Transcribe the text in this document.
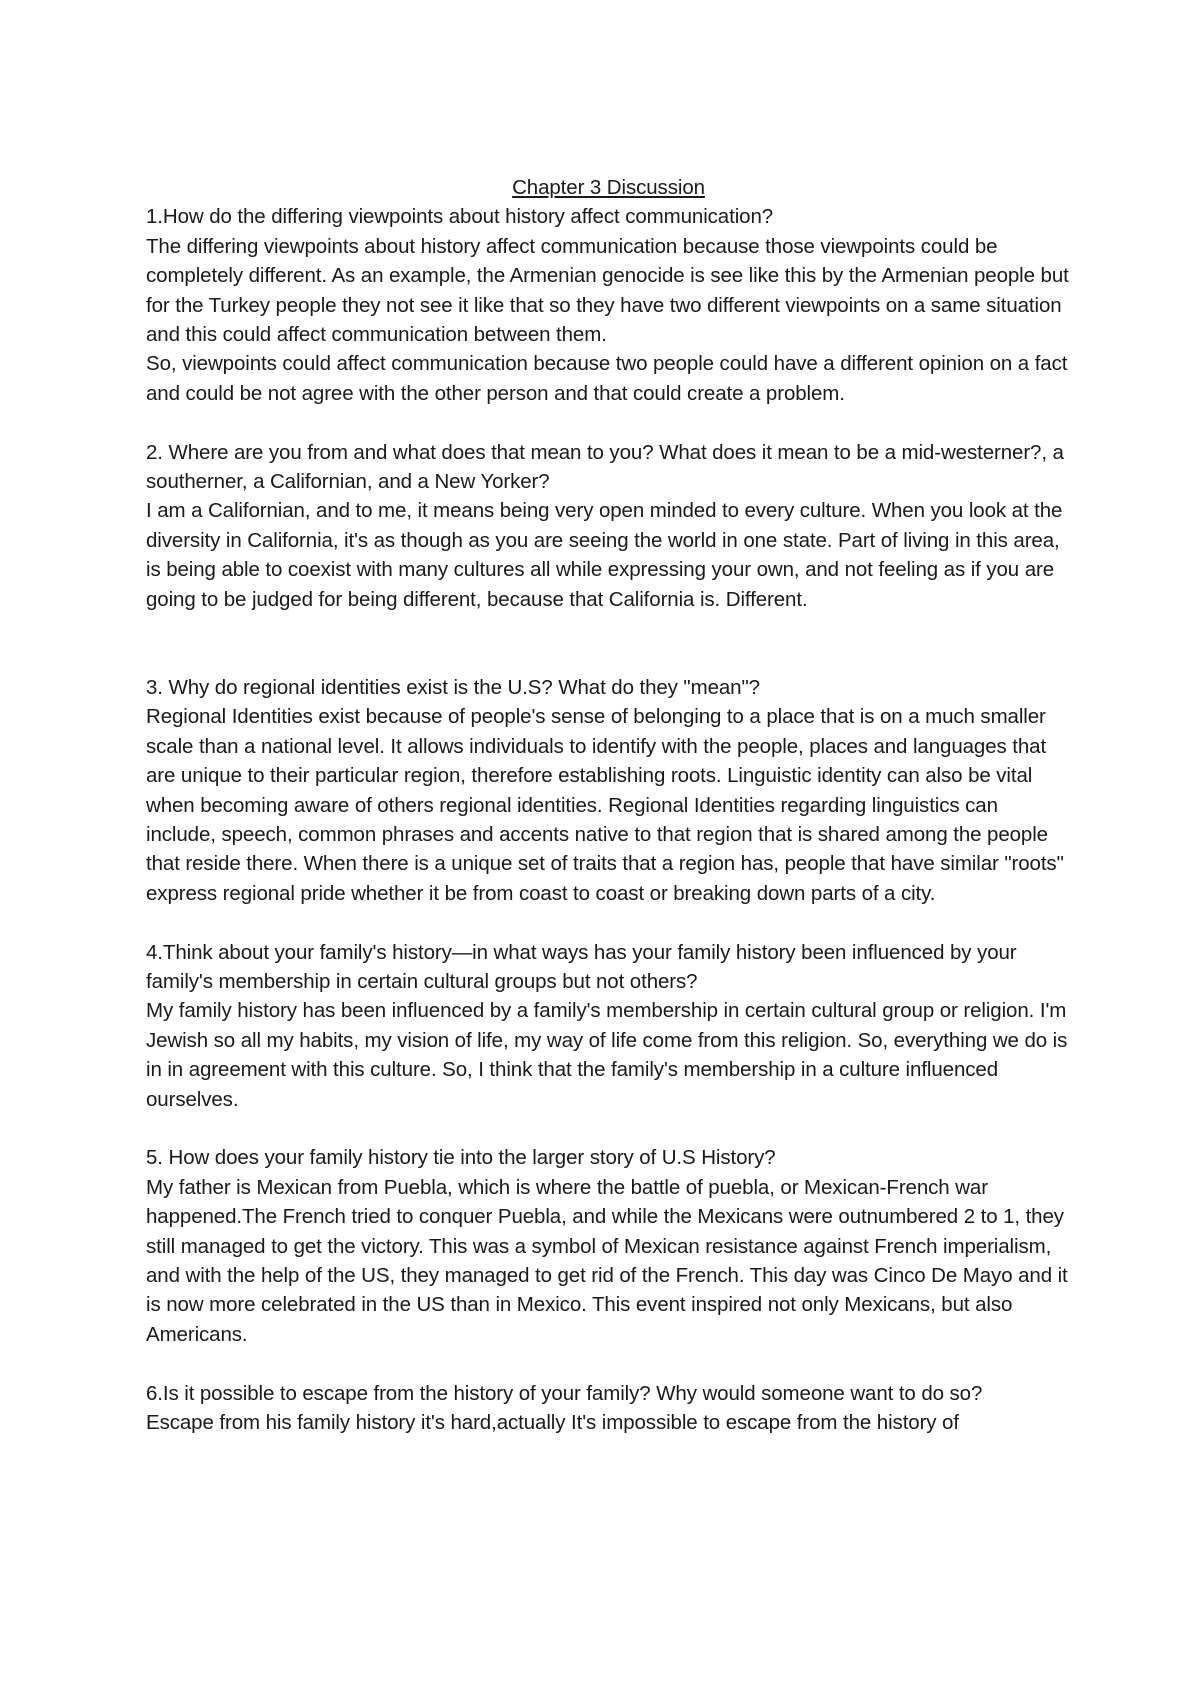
Chapter 3 Discussion

1.How do the differing viewpoints about history affect communication?

The differing viewpoints about history affect communication because those viewpoints could be completely different. As an example, the Armenian genocide is see like this by the Armenian people but for the Turkey people they not see it like that so they have two different viewpoints on a same situation and this could affect communication between them.

So, viewpoints could affect communication because two people could have a different opinion on a fact and could be not agree with the other person and that could create a problem.

2. Where are you from and what does that mean to you? What does it mean to be a mid-westerner?, a southerner, a Californian, and a New Yorker?

I am a Californian, and to me, it means being very open minded to every culture. When you look at the diversity in California, it's as though as you are seeing the world in one state. Part of living in this area, is being able to coexist with many cultures all while expressing your own, and not feeling as if you are going to be judged for being different, because that California is. Different.

3. Why do regional identities exist is the U.S? What do they "mean"?

Regional Identities exist because of people's sense of belonging to a place that is on a much smaller scale than a national level. It allows individuals to identify with the people, places and languages that are unique to their particular region, therefore establishing roots. Linguistic identity can also be vital when becoming aware of others regional identities. Regional Identities regarding linguistics can include, speech, common phrases and accents native to that region that is shared among the people that reside there. When there is a unique set of traits that a region has, people that have similar "roots" express regional pride whether it be from coast to coast or breaking down parts of a city.

4.Think about your family's history—in what ways has your family history been influenced by your family's membership in certain cultural groups but not others?

My family history has been influenced by a family's membership in certain cultural group or religion. I'm Jewish so all my habits, my vision of life, my way of life come from this religion. So, everything we do is in in agreement with this culture. So, I think that the family's membership in a culture influenced ourselves.

5. How does your family history tie into the larger story of U.S History?

My father is Mexican from Puebla, which is where the battle of puebla, or Mexican-French war happened.The French tried to conquer Puebla, and while the Mexicans were outnumbered 2 to 1, they still managed to get the victory. This was a symbol of Mexican resistance against French imperialism, and with the help of the US, they managed to get rid of the French. This day was Cinco De Mayo and it is now more celebrated in the US than in Mexico. This event inspired not only Mexicans, but also Americans.

6.Is it possible to escape from the history of your family? Why would someone want to do so?

Escape from his family history it's hard,actually It's impossible to escape from the history of
